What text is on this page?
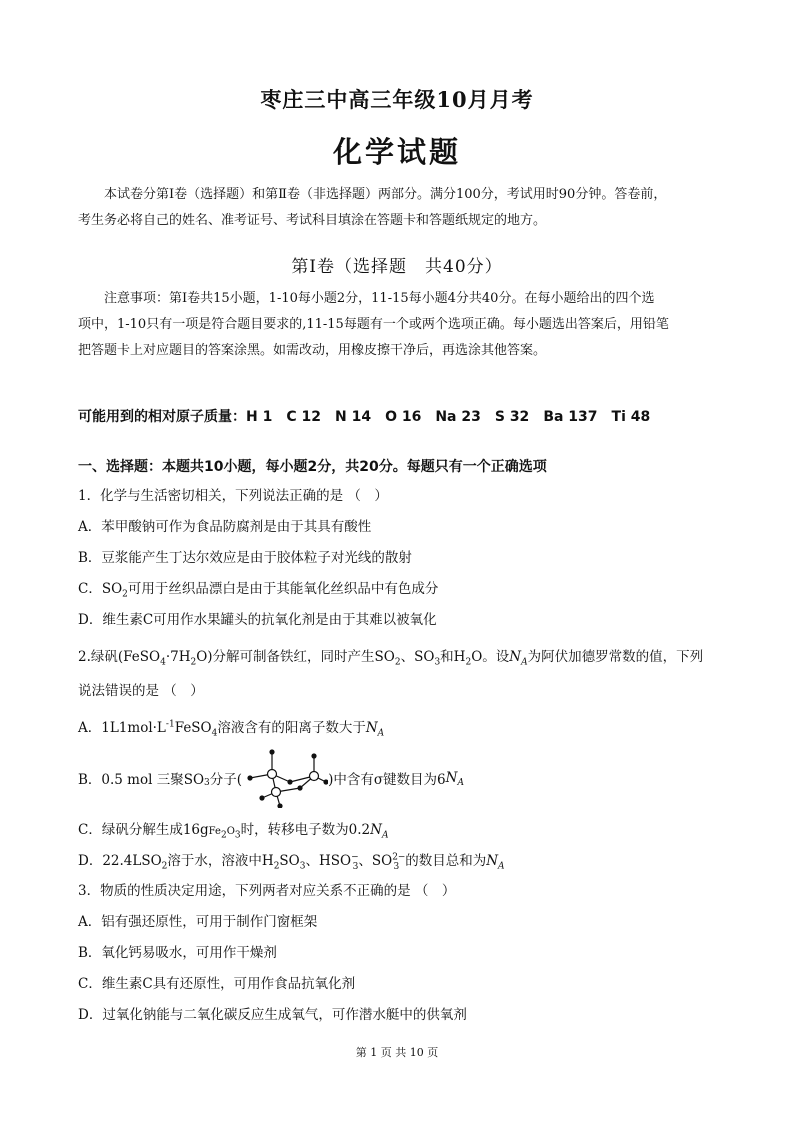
枣庄三中高三年级10月月考
化学试题
本试卷分第Ⅰ卷（选择题）和第Ⅱ卷（非选择题）两部分。满分100分，考试用时90分钟。答卷前，
考生务必将自己的姓名、准考证号、考试科目填涂在答题卡和答题纸规定的地方。
第Ⅰ卷（选择题　共40分）
注意事项：第Ⅰ卷共15小题，1-10每小题2分，11-15每小题4分共40分。在每小题给出的四个选
项中，1-10只有一项是符合题目要求的,11-15每题有一个或两个选项正确。每小题选出答案后，用铅笔
把答题卡上对应题目的答案涂黑。如需改动，用橡皮擦干净后，再选涂其他答案。
可能用到的相对原子质量：H 1 C 12 N 14 O 16 Na 23 S 32 Ba 137 Ti 48
一、选择题：本题共10小题，每小题2分，共20分。每题只有一个正确选项
1．化学与生活密切相关，下列说法正确的是 （　）
A．苯甲酸钠可作为食品防腐剂是由于其具有酸性
B．豆浆能产生丁达尔效应是由于胶体粒子对光线的散射
C．$SO_2$可用于丝织品漂白是由于其能氧化丝织品中有色成分
D．维生素C可用作水果罐头的抗氧化剂是由于其难以被氧化
2.绿矾$(FeSO_4\cdot 7H_2O)$分解可制备铁红，同时产生$SO_2$、$SO_3$和$H_2O$。设$N_A$为阿伏加德罗常数的值，下列
说法错误的是 （　）
A．$1L1mol\cdot L^{-1}FeSO_4$溶液含有的阳离子数大于$N_A$
B．0.5 mol 三聚$SO_3$分子(	)中含有σ键数目为$6N_A$
C．绿矾分解生成$16gFe_2O_3$时，转移电子数为$0.2N_A$
D．$22.4LSO_2$溶于水，溶液中$H_2SO_3$、$HSO^-_3$、$SO^{2-}_3$ 的数目总和为$N_A$
3．物质的性质决定用途，下列两者对应关系不正确的是 （　）
A．铝有强还原性，可用于制作门窗框架
B．氧化钙易吸水，可用作干燥剂
C．维生素C具有还原性，可用作食品抗氧化剂
D．过氧化钠能与二氧化碳反应生成氧气，可作潜水艇中的供氧剂
第 1 页 共 10 页
